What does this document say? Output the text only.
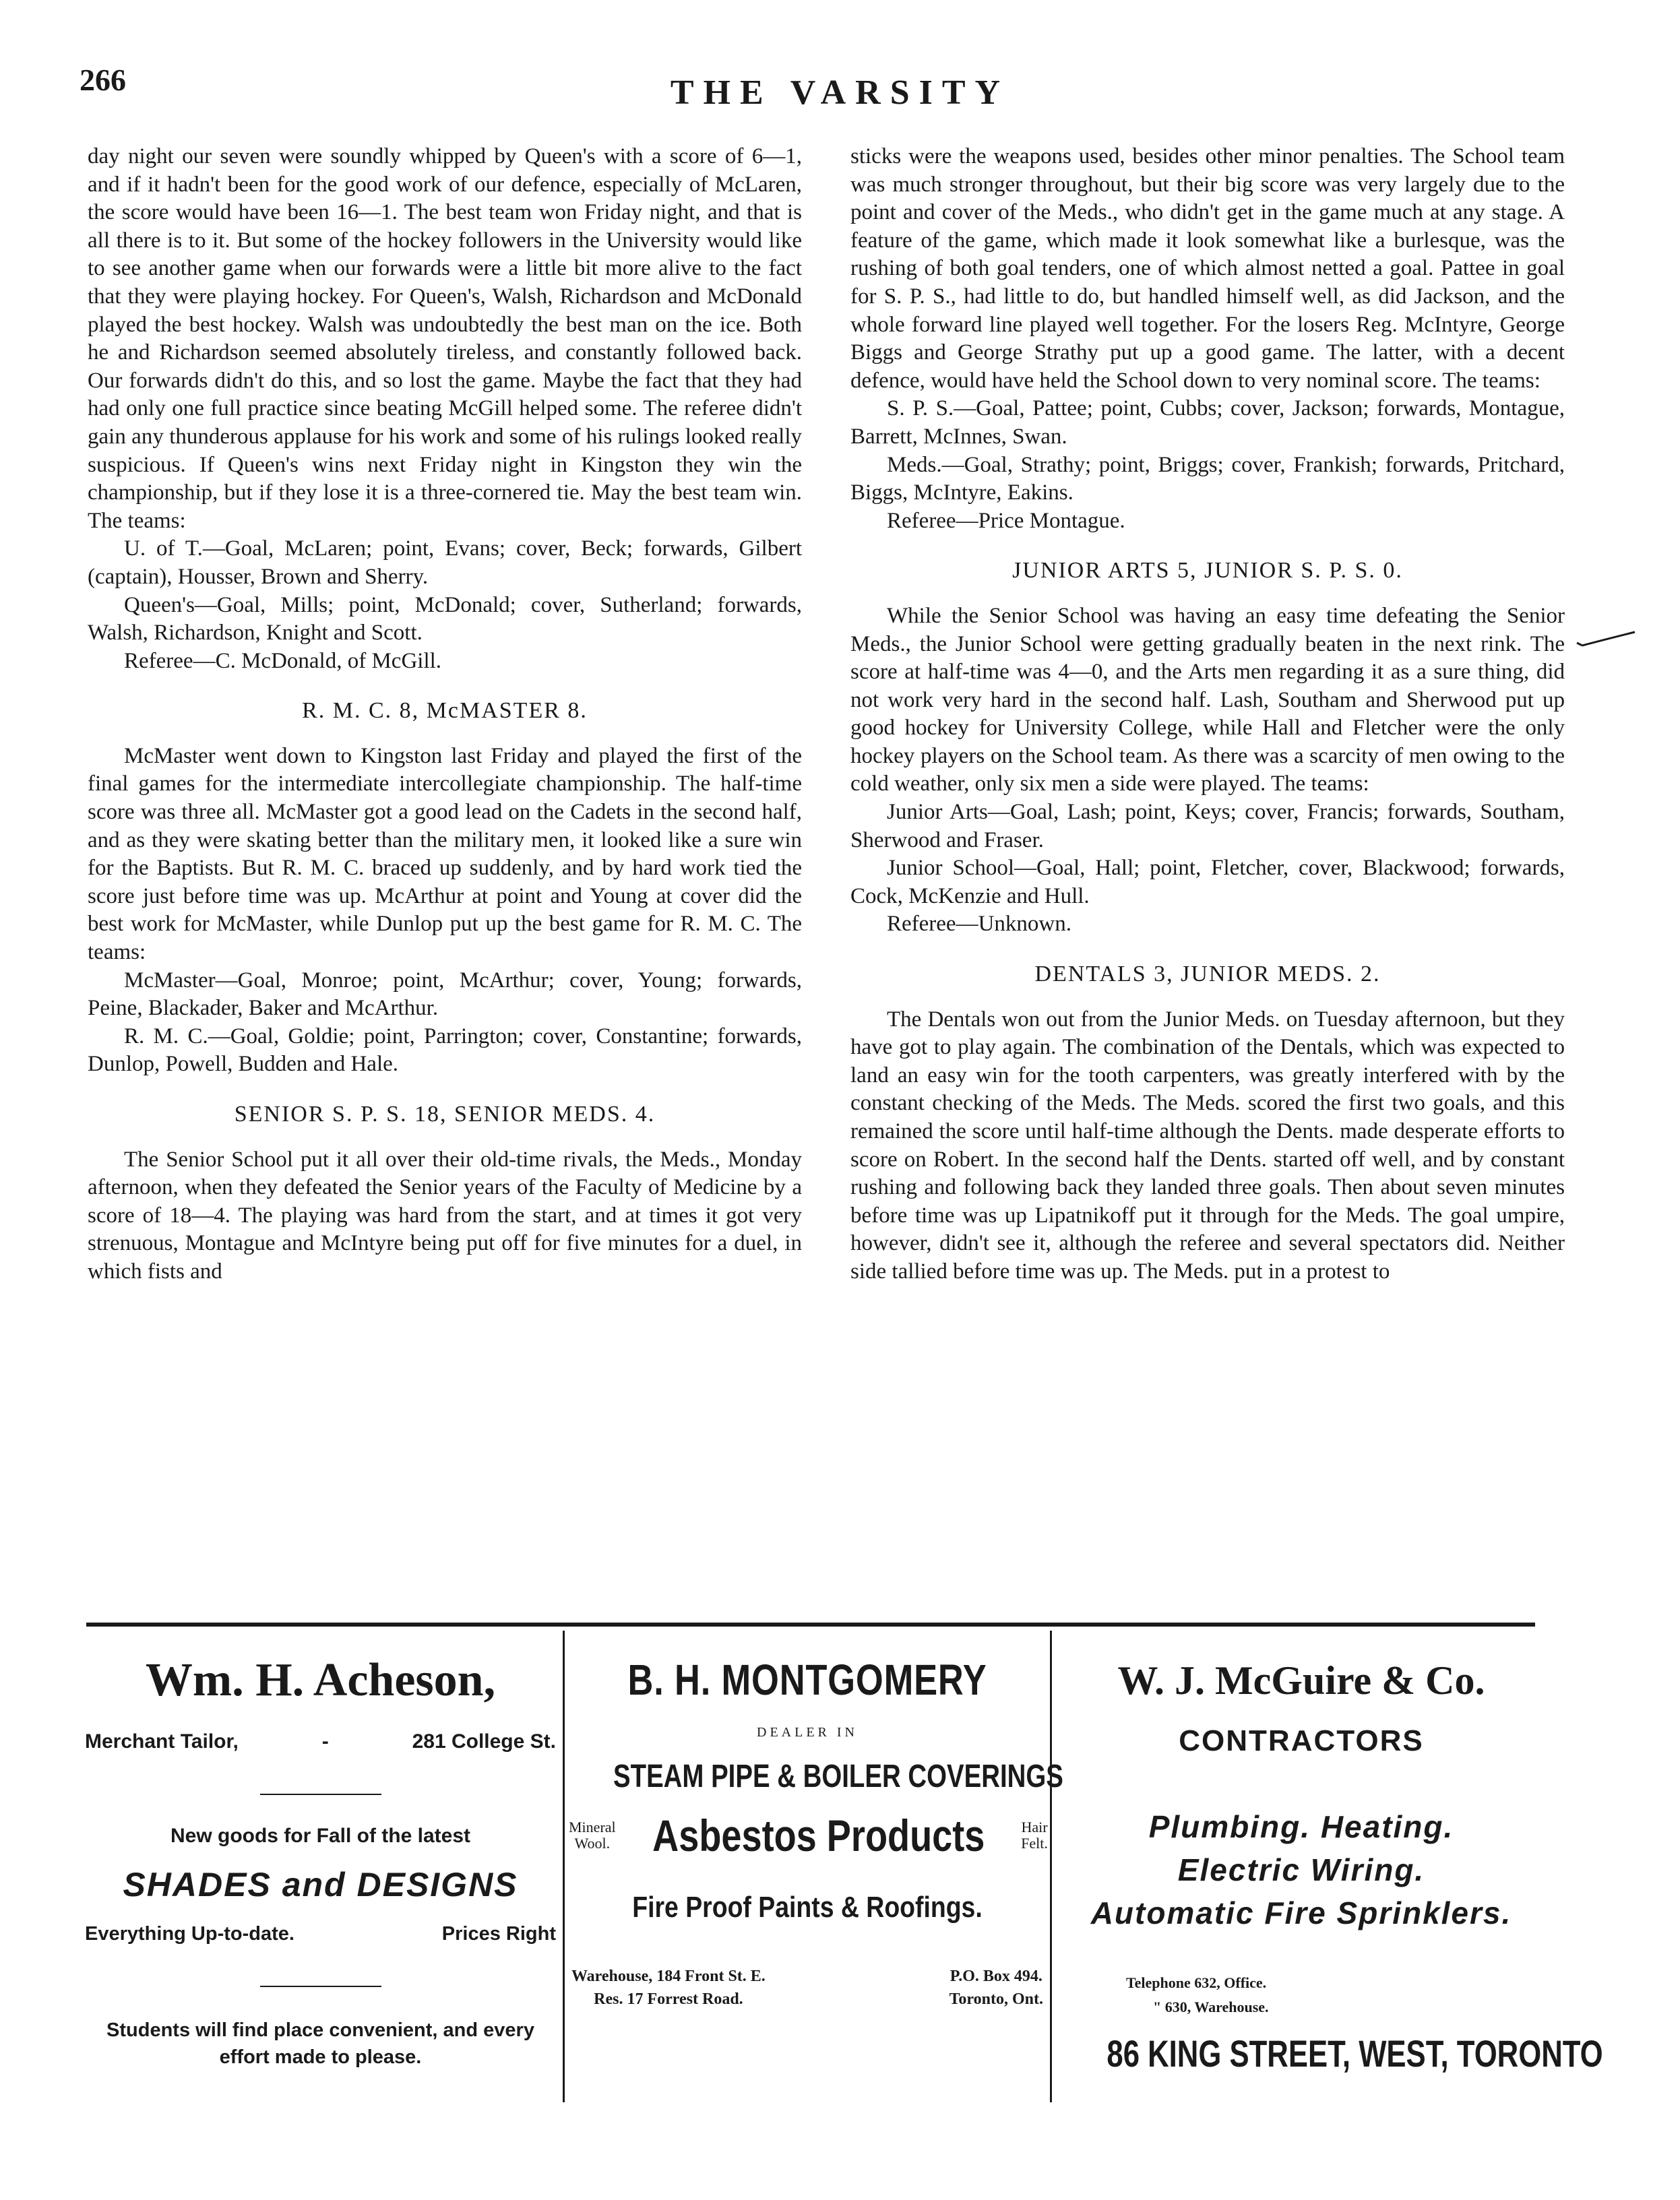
266	THE VARSITY

day night our seven were soundly whipped by Queen's with a score of 6—1, and if it hadn't been for the good work of our defence, especially of McLaren, the score would have been 16—1. The best team won Friday night, and that is all there is to it. But some of the hockey followers in the University would like to see another game when our forwards were a little bit more alive to the fact that they were playing hockey. For Queen's, Walsh, Richardson and McDonald played the best hockey. Walsh was undoubtedly the best man on the ice. Both he and Richardson seemed absolutely tireless, and constantly followed back. Our forwards didn't do this, and so lost the game. Maybe the fact that they had had only one full practice since beating McGill helped some. The referee didn't gain any thunderous applause for his work and some of his rulings looked really suspicious. If Queen's wins next Friday night in Kingston they win the championship, but if they lose it is a three-cornered tie. May the best team win. The teams:

U. of T.—Goal, McLaren; point, Evans; cover, Beck; forwards, Gilbert (captain), Housser, Brown and Sherry.

Queen's—Goal, Mills; point, McDonald; cover, Sutherland; forwards, Walsh, Richardson, Knight and Scott.

Referee—C. McDonald, of McGill.

R. M. C. 8, McMASTER 8.

McMaster went down to Kingston last Friday and played the first of the final games for the intermediate intercollegiate championship. The half-time score was three all. McMaster got a good lead on the Cadets in the second half, and as they were skating better than the military men, it looked like a sure win for the Baptists. But R. M. C. braced up suddenly, and by hard work tied the score just before time was up. McArthur at point and Young at cover did the best work for McMaster, while Dunlop put up the best game for R. M. C. The teams:

McMaster—Goal, Monroe; point, McArthur; cover, Young; forwards, Peine, Blackader, Baker and McArthur.

R. M. C.—Goal, Goldie; point, Parrington; cover, Constantine; forwards, Dunlop, Powell, Budden and Hale.

SENIOR S. P. S. 18, SENIOR MEDS. 4.

The Senior School put it all over their old-time rivals, the Meds., Monday afternoon, when they defeated the Senior years of the Faculty of Medicine by a score of 18—4. The playing was hard from the start, and at times it got very strenuous, Montague and McIntyre being put off for five minutes for a duel, in which fists and

sticks were the weapons used, besides other minor penalties. The School team was much stronger throughout, but their big score was very largely due to the point and cover of the Meds., who didn't get in the game much at any stage. A feature of the game, which made it look somewhat like a burlesque, was the rushing of both goal tenders, one of which almost netted a goal. Pattee in goal for S. P. S., had little to do, but handled himself well, as did Jackson, and the whole forward line played well together. For the losers Reg. McIntyre, George Biggs and George Strathy put up a good game. The latter, with a decent defence, would have held the School down to very nominal score. The teams:

S. P. S.—Goal, Pattee; point, Cubbs; cover, Jackson; forwards, Montague, Barrett, McInnes, Swan.

Meds.—Goal, Strathy; point, Briggs; cover, Frankish; forwards, Pritchard, Biggs, McIntyre, Eakins.

Referee—Price Montague.

JUNIOR ARTS 5, JUNIOR S. P. S. 0.

While the Senior School was having an easy time defeating the Senior Meds., the Junior School were getting gradually beaten in the next rink. The score at half-time was 4—0, and the Arts men regarding it as a sure thing, did not work very hard in the second half. Lash, Southam and Sherwood put up good hockey for University College, while Hall and Fletcher were the only hockey players on the School team. As there was a scarcity of men owing to the cold weather, only six men a side were played. The teams:

Junior Arts—Goal, Lash; point, Keys; cover, Francis; forwards, Southam, Sherwood and Fraser.

Junior School—Goal, Hall; point, Fletcher, cover, Blackwood; forwards, Cock, McKenzie and Hull.

Referee—Unknown.

DENTALS 3, JUNIOR MEDS. 2.

The Dentals won out from the Junior Meds. on Tuesday afternoon, but they have got to play again. The combination of the Dentals, which was expected to land an easy win for the tooth carpenters, was greatly interfered with by the constant checking of the Meds. The Meds. scored the first two goals, and this remained the score until half-time although the Dents. made desperate efforts to score on Robert. In the second half the Dents. started off well, and by constant rushing and following back they landed three goals. Then about seven minutes before time was up Lipatnikoff put it through for the Meds. The goal umpire, however, didn't see it, although the referee and several spectators did. Neither side tallied before time was up. The Meds. put in a protest to

Wm. H. Acheson,
Merchant Tailor,	-	281 College St.
New goods for Fall of the latest
SHADES and DESIGNS
Everything Up-to-date.	Prices Right
Students will find place convenient, and every effort made to please.
B. H. MONTGOMERY
DEALER IN
STEAM PIPE & BOILER COVERINGS
Mineral Wool. Asbestos Products Hair Felt.
Fire Proof Paints & Roofings.
Warehouse, 184 Front St. E.
Res. 17 Forrest Road.
P.O. Box 494.
Toronto, Ont.
W. J. McGuire & Co.
CONTRACTORS
Plumbing. Heating.
Electric Wiring.
Automatic Fire Sprinklers.
Telephone 632, Office.
" 630, Warehouse.
86 KING STREET, WEST, TORONTO
